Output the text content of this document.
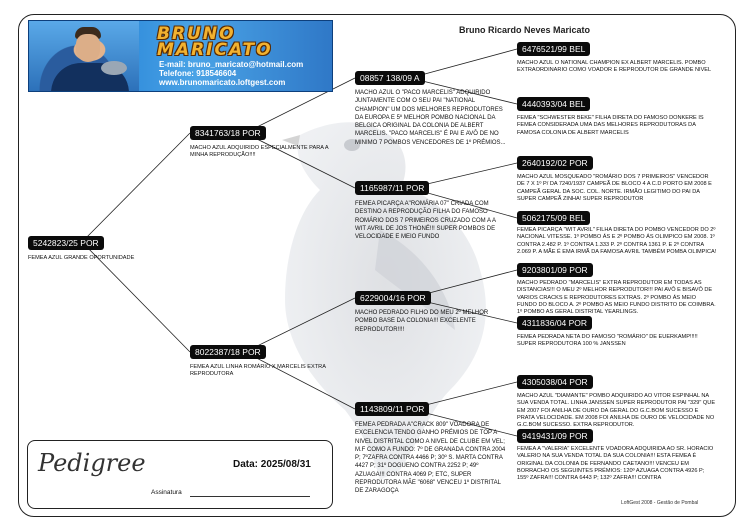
BRUNO
MARICATO
E-mail: bruno_maricato@hotmail.com
Telefone: 918546604
www.brunomaricato.loftgest.com
Bruno Ricardo Neves Maricato
5242823/25 POR
FEMEA AZUL GRANDE OPORTUNIDADE
8341763/18 POR
MACHO AZUL ADQUIRIDO ESPECIALMENTE PARA A MINHA REPRODUÇÃO!!!!
8022387/18 POR
FEMEA AZUL LINHA ROMÁRIO X MARCELIS EXTRA REPRODUTORA
08857 138/09 A
MACHO AZUL O "PACO MARCELIS" ADQUIRIDO JUNTAMENTE COM O SEU PAI "NATIONAL CHAMPION" UM DOS MELHORES REPRODUTORES DA EUROPA E 5º MELHOR POMBO NACIONAL DA BELGICA ORIGINAL DA COLONIA DE ALBERT MARCELIS. "PACO MARCELIS" É PAI E AVÔ DE NO MINIMO 7 POMBOS VENCEDORES DE 1º PRÉMIOS...
1165987/11 POR
FEMEA PICARÇA A"ROMÁRIA 07" CRIADA COM DESTINO A REPRODUÇÃO FILHA DO FAMOSO ROMÁRIO DOS 7 PRIMEIROS CRUZADO COM A A WIT AVRIL DE JOS THONÉ!!! SUPER POMBOS DE VELOCIDADE E MEIO FUNDO
6229004/16 POR
MACHO PEDRADO FILHO DO MEU 2º MELHOR POMBO BASE DA COLONIA!!! EXCELENTE REPRODUTOR!!!!
1143809/11 POR
FEMEA PEDRADA A"CRACK 809" VOADORA DE EXCELENCIA TENDO GANHO PRÉMIOS DE TOP A NIVEL DISTRITAL COMO A NIVEL DE CLUBE EM VEL; M.F COMO A FUNDO: 7º DE GRANADA CONTRA 2004 P; 7ºZAFRA CONTRA 4466 P; 30º S. MARTA CONTRA 4427 P; 31º DOGUENO CONTRA 2252 P; 49º AZUAGA!!! CONTRA 4069 P; ETC, SUPER REPRODUTORA MÃE "6068" VENCEU 1º DISTRITAL DE ZARAGOÇA
6476521/99 BEL
MACHO AZUL O NATIONAL CHAMPION EX ALBERT MARCELIS. POMBO EXTRAORDINARIO COMO VOADOR E REPRODUTOR DE GRANDE NIVEL
4440393/04 BEL
FEMEA "SCHWESTER BEKE" FILHA DIRETA DO FAMOSO DONKERE IS FEMEA CONSIDERADA UMA DAS MELHORES REPRODUTORAS DA FAMOSA COLONIA DE ALBERT MARCELIS
2640192/02 POR
MACHO AZUL MOSQUEADO "ROMÁRIO DOS 7 PRIMEIROS" VENCEDOR DE 7 X 1º P/ DA 7240/1937 CAMPEÃ DE BLOCO 4 A C.D PORTO EM 2008 E CAMPEÃ GERAL DA SOC. COL. NORTE. IRMÃO LEGITIMO DO PAI DA SUPER CAMPEÃ ZINHA! SUPER REPRODUTOR
5062175/09 BEL
FEMEA PICARÇA "WIT AVRIL" FILHA DIRETA DO POMBO VENCEDOR DO 2º NACIONAL VITESSE. 1º POMBO ÁS E 2º POMBO ÁS OLIMPICO EM 2008. 1º CONTRA 2.482 P. 1º CONTRA 1.333 P. 2º CONTRA 1361 P. E 2º CONTRA 2.069 P. A MÃE É EMA IRMÃ DA FAMOSA AVRIL TAMBÉM POMBA OLIMPICA!
9203801/09 POR
MACHO PEDRADO "MARCELIS" EXTRA REPRODUTOR EM TODAS AS DISTANCIAS!!! O MEU 2º MELHOR REPRODUTOR!!! PAI AVÔ E BISAVÔ DE VARIOS CRACKS E REPRODUTORES EXTRAS. 2º POMBO ÁS MEIO FUNDO DO BLOCO A. 2º POMBO AS MEIO FUNDO DISTRITO DE COIMBRA. 1º POMBO AS GERAL DISTRITAL YEARLINGS.
4311836/04 POR
FEMEA PEDRADA NETA DO FAMOSO "ROMÁRIO" DE EUERKAMP!!!!! SUPER REPRODUTORA 100 % JANSSEN
4305038/04 POR
MACHO AZUL "DIAMANTE" POMBO ADQUIRIDO AO VITOR ESPINHAL NA SUA VENDA TOTAL. LINHA JANSSEN SUPER REPRODUTOR PAI "329" QUE EM 2007 FOI ANILHA DE OURO DA GERAL DO G.C.BOM SUCESSO E PRATA VELOCIDADE. EM 2008 FOI ANILHA DE OURO DE VELOCIDADE NO G.C.BOM SUCESSO. EXTRA REPRODUTOR.
9419431/09 POR
FEMEA A "VALERIA" EXCELENTE VOADORA ADQUIRIDA AO SR. HORACIO VALERIO NA SUA VENDA TOTAL DA SUA COLONIA!!! ESTA FEMEA É ORIGINAL DA COLONIA DE FERNANDO CAETANO!!! VENCEU EM BORRACHO OS SEGUINTES PRÉMIOS: 120º AZUAGA CONTRA 4926 P; 155º ZAFRA!!! CONTRA 6443 P; 132º ZAFRA!!! CONTRA
Pedigree	Data: 2025/08/31
Assinatura
LoftGest 2008 - Gestão de Pombal
